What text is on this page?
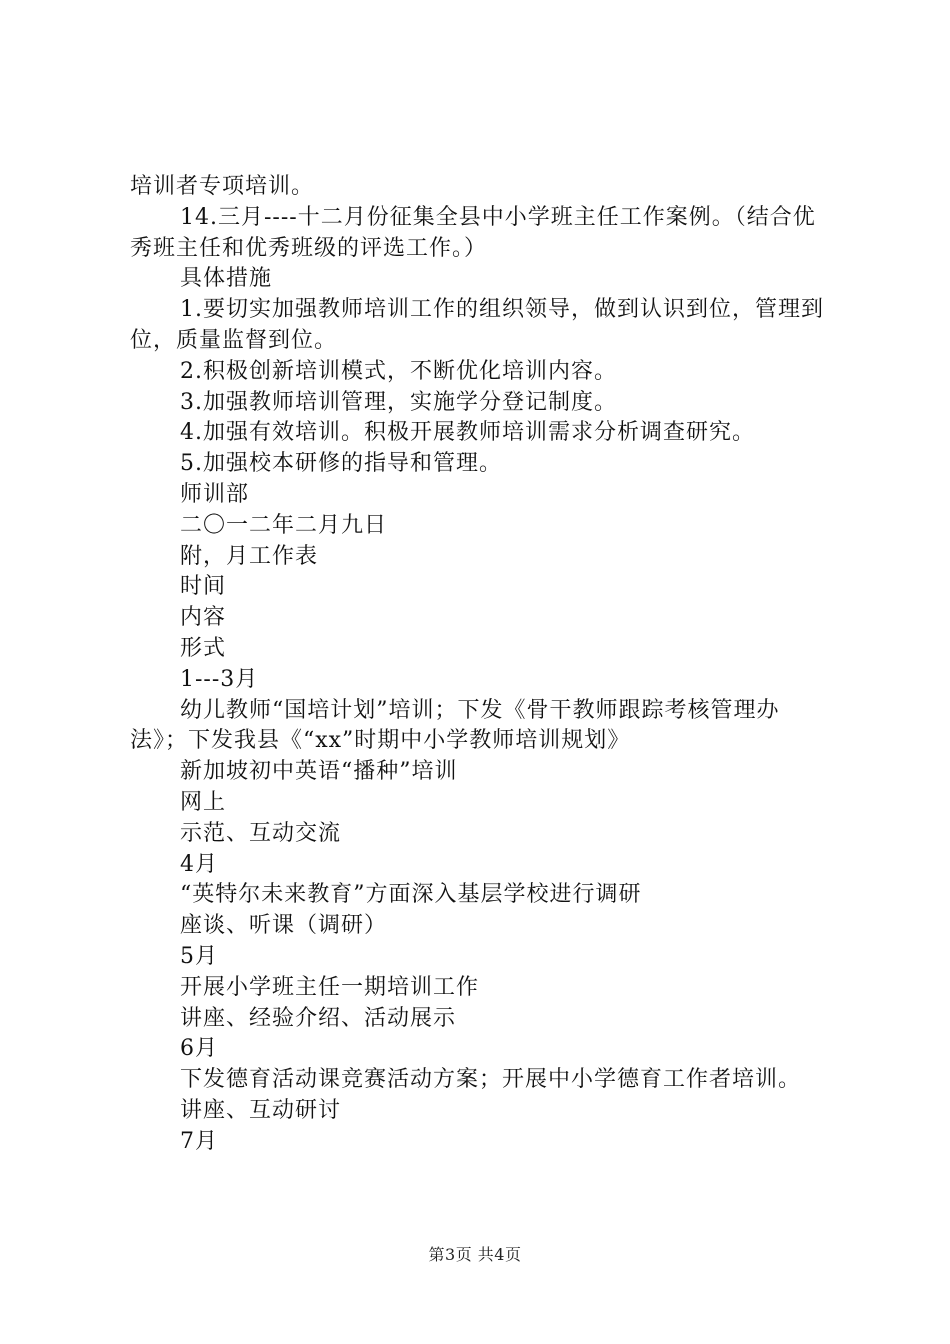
培训者专项培训。

14.三月----十二月份征集全县中小学班主任工作案例。（结合优秀班主任和优秀班级的评选工作。）

具体措施

1.要切实加强教师培训工作的组织领导，做到认识到位，管理到位，质量监督到位。

2.积极创新培训模式，不断优化培训内容。

3.加强教师培训管理，实施学分登记制度。

4.加强有效培训。积极开展教师培训需求分析调查研究。

5.加强校本研修的指导和管理。

师训部

二〇一二年二月九日

附，月工作表

时间

内容

形式

1---3月

幼儿教师“国培计划”培训；下发《骨干教师跟踪考核管理办法》；下发我县《“xx”时期中小学教师培训规划》

新加坡初中英语“播种”培训

网上

示范、互动交流

4月

“英特尔未来教育”方面深入基层学校进行调研

座谈、听课（调研）

5月

开展小学班主任一期培训工作

讲座、经验介绍、活动展示

6月

下发德育活动课竞赛活动方案；开展中小学德育工作者培训。

讲座、互动研讨

7月

第3页 共4页
